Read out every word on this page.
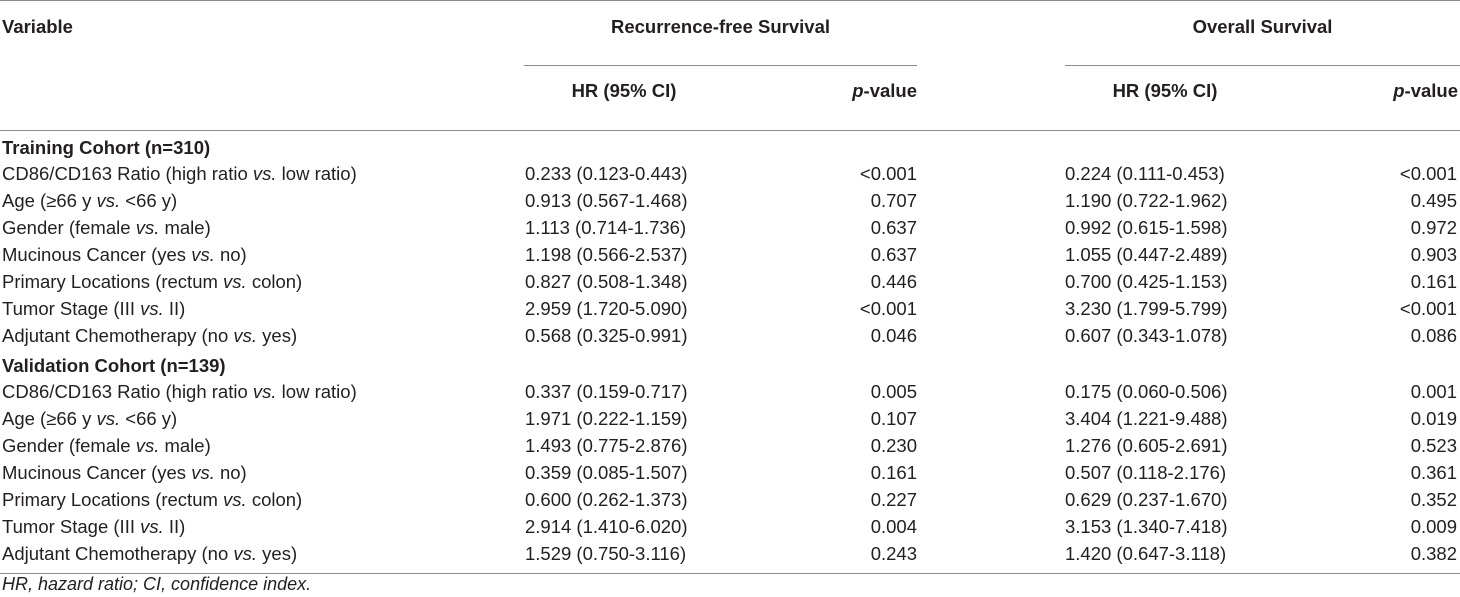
Variable	Recurrence-free Survival			Overall Survival	

	HR (95% CI)	p-value		HR (95% CI)	p-value
Training Cohort (n=310)					
CD86/CD163 Ratio (high ratio vs. low ratio)	0.233 (0.123-0.443)	<0.001		0.224 (0.111-0.453)	<0.001
Age (≥66 y vs. <66 y)	0.913 (0.567-1.468)	0.707		1.190 (0.722-1.962)	0.495
Gender (female vs. male)	1.113 (0.714-1.736)	0.637		0.992 (0.615-1.598)	0.972
Mucinous Cancer (yes vs. no)	1.198 (0.566-2.537)	0.637		1.055 (0.447-2.489)	0.903
Primary Locations (rectum vs. colon)	0.827 (0.508-1.348)	0.446		0.700 (0.425-1.153)	0.161
Tumor Stage (III vs. II)	2.959 (1.720-5.090)	<0.001		3.230 (1.799-5.799)	<0.001
Adjutant Chemotherapy (no vs. yes)	0.568 (0.325-0.991)	0.046		0.607 (0.343-1.078)	0.086
Validation Cohort (n=139)					
CD86/CD163 Ratio (high ratio vs. low ratio)	0.337 (0.159-0.717)	0.005		0.175 (0.060-0.506)	0.001
Age (≥66 y vs. <66 y)	1.971 (0.222-1.159)	0.107		3.404 (1.221-9.488)	0.019
Gender (female vs. male)	1.493 (0.775-2.876)	0.230		1.276 (0.605-2.691)	0.523
Mucinous Cancer (yes vs. no)	0.359 (0.085-1.507)	0.161		0.507 (0.118-2.176)	0.361
Primary Locations (rectum vs. colon)	0.600 (0.262-1.373)	0.227		0.629 (0.237-1.670)	0.352
Tumor Stage (III vs. II)	2.914 (1.410-6.020)	0.004		3.153 (1.340-7.418)	0.009
Adjutant Chemotherapy (no vs. yes)	1.529 (0.750-3.116)	0.243		1.420 (0.647-3.118)	0.382
HR, hazard ratio; CI, confidence index.
